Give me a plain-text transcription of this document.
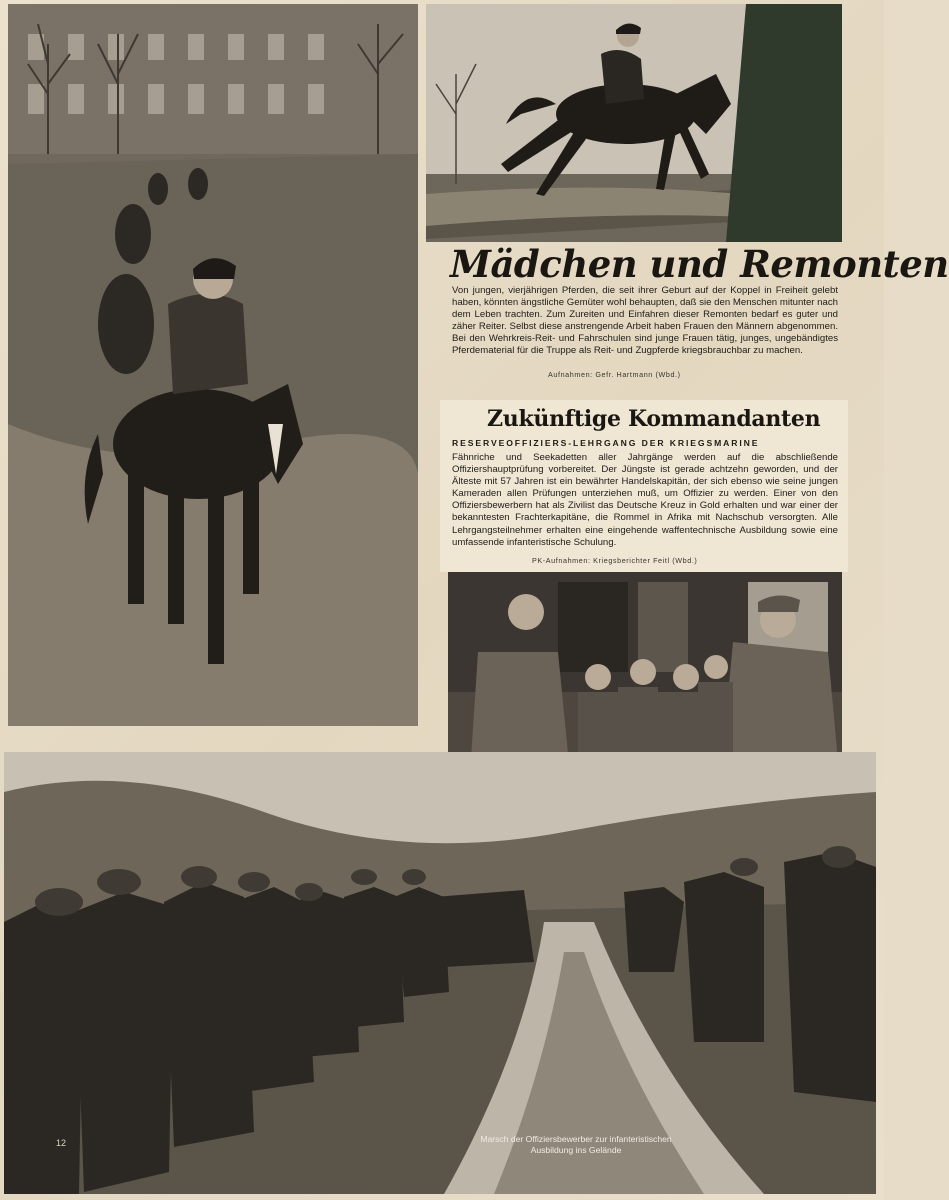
Mädchen und Remonten
Von jungen, vierjährigen Pferden, die seit ihrer Geburt auf der Koppel in Freiheit gelebt haben, könnten ängstliche Gemüter wohl behaupten, daß sie den Menschen mitunter nach dem Leben trachten. Zum Zureiten und Einfahren dieser Remonten bedarf es guter und zäher Reiter. Selbst diese anstrengende Arbeit haben Frauen den Männern abgenommen. Bei den Wehrkreis-Reit- und Fahrschulen sind junge Frauen tätig, junges, ungebändigtes Pferdematerial für die Truppe als Reit- und Zugpferde kriegsbrauchbar zu machen.
Aufnahmen: Gefr. Hartmann (Wbd.)
Zukünftige Kommandanten
RESERVEOFFIZIERS-LEHRGANG DER KRIEGSMARINE
Fähnriche und Seekadetten aller Jahrgänge werden auf die abschließende Offiziershauptprüfung vorbereitet. Der Jüngste ist gerade achtzehn geworden, und der Älteste mit 57 Jahren ist ein bewährter Handelskapitän, der sich ebenso wie seine jungen Kameraden allen Prüfungen unterziehen muß, um Offizier zu werden. Einer von den Offiziersbewerbern hat als Zivilist das Deutsche Kreuz in Gold erhalten und war einer der bekanntesten Frachterkapitäne, die Rommel in Afrika mit Nachschub versorgten. Alle Lehrgangsteilnehmer erhalten eine eingehende waffentechnische Ausbildung sowie eine umfassende infanteristische Schulung.
PK-Aufnahmen: Kriegsberichter Feitl (Wbd.)
Marsch der Offiziersbewerber zur infanteristischen Ausbildung ins Gelände
12
